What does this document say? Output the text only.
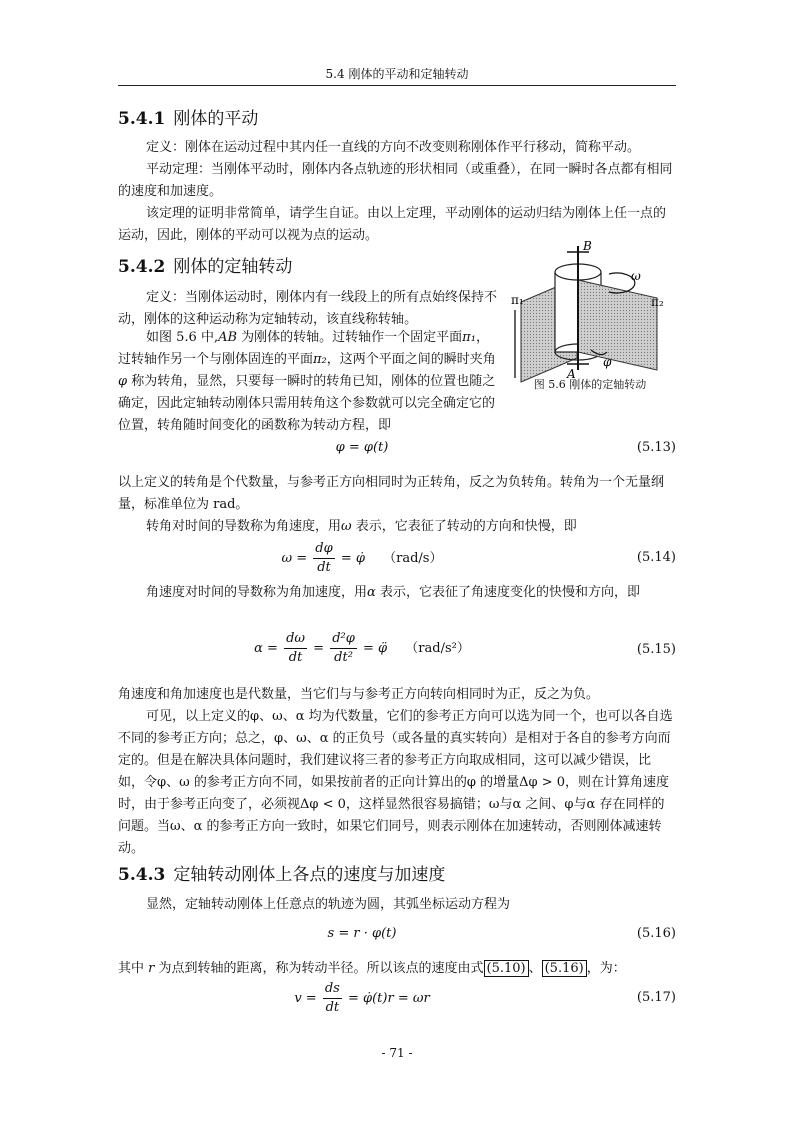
5.4 刚体的平动和定轴转动
5.4.1 刚体的平动

定义：刚体在运动过程中其内任一直线的方向不改变则称刚体作平行移动，简称平动。

平动定理：当刚体平动时，刚体内各点轨迹的形状相同（或重叠），在同一瞬时各点都有相同的速度和加速度。

该定理的证明非常简单，请学生自证。由以上定理，平动刚体的运动归结为刚体上任一点的运动，因此，刚体的平动可以视为点的运动。

5.4.2 刚体的定轴转动

定义：当刚体运动时，刚体内有一线段上的所有点始终保持不动，刚体的这种运动称为定轴转动，该直线称转轴。

如图 5.6 中,AB 为刚体的转轴。过转轴作一个固定平面π₁，过转轴作另一个与刚体固连的平面π₂，这两个平面之间的瞬时夹角φ 称为转角，显然，只要每一瞬时的转角已知，刚体的位置也随之确定，因此定轴转动刚体只需用转角这个参数就可以完全确定它的位置，转角随时间变化的函数称为转动方程，即

B
A
ω
φ
π₁	π₂
图 5.6 刚体的定轴转动
φ = φ(t)	(5.13)

以上定义的转角是个代数量，与参考正方向相同时为正转角，反之为负转角。转角为一个无量纲量，标准单位为 rad。

转角对时间的导数称为角速度，用ω 表示，它表征了转动的方向和快慢，即

$\omega = \frac{d\varphi}{dt}$ = φ̇ （rad/s）	(5.14)

角速度对时间的导数称为角加速度，用α 表示，它表征了角速度变化的快慢和方向，即

$\alpha = \frac{d\omega}{dt} = \frac{\text{d²φ}}{\text{dt²}}$ = φ̈ （rad/s²）	(5.15)

角速度和角加速度也是代数量，当它们与与参考正方向转向相同时为正，反之为负。

可见，以上定义的φ、ω、α 均为代数量，它们的参考正方向可以选为同一个，也可以各自选不同的参考正方向；总之，φ、ω、α 的正负号（或各量的真实转向）是相对于各自的参考方向而定的。但是在解决具体问题时，我们建议将三者的参考正方向取成相同，这可以减少错误，比如，令φ、ω 的参考正方向不同，如果按前者的正向计算出的φ 的增量Δφ > 0，则在计算角速度时，由于参考正向变了，必须视Δφ < 0，这样显然很容易搞错；ω与α 之间、φ与α 存在同样的问题。当ω、α 的参考正方向一致时，如果它们同号，则表示刚体在加速转动，否则刚体减速转动。

5.4.3 定轴转动刚体上各点的速度与加速度

显然，定轴转动刚体上任意点的轨迹为圆，其弧坐标运动方程为

s = r · φ(t)	(5.16)

其中 r 为点到转轴的距离，称为转动半径。所以该点的速度由式 (5.10) 、 (5.16) ，为：

$v = \frac{ds}{dt}$ = φ̇(t)r = ωr	(5.17)
- 71 -
